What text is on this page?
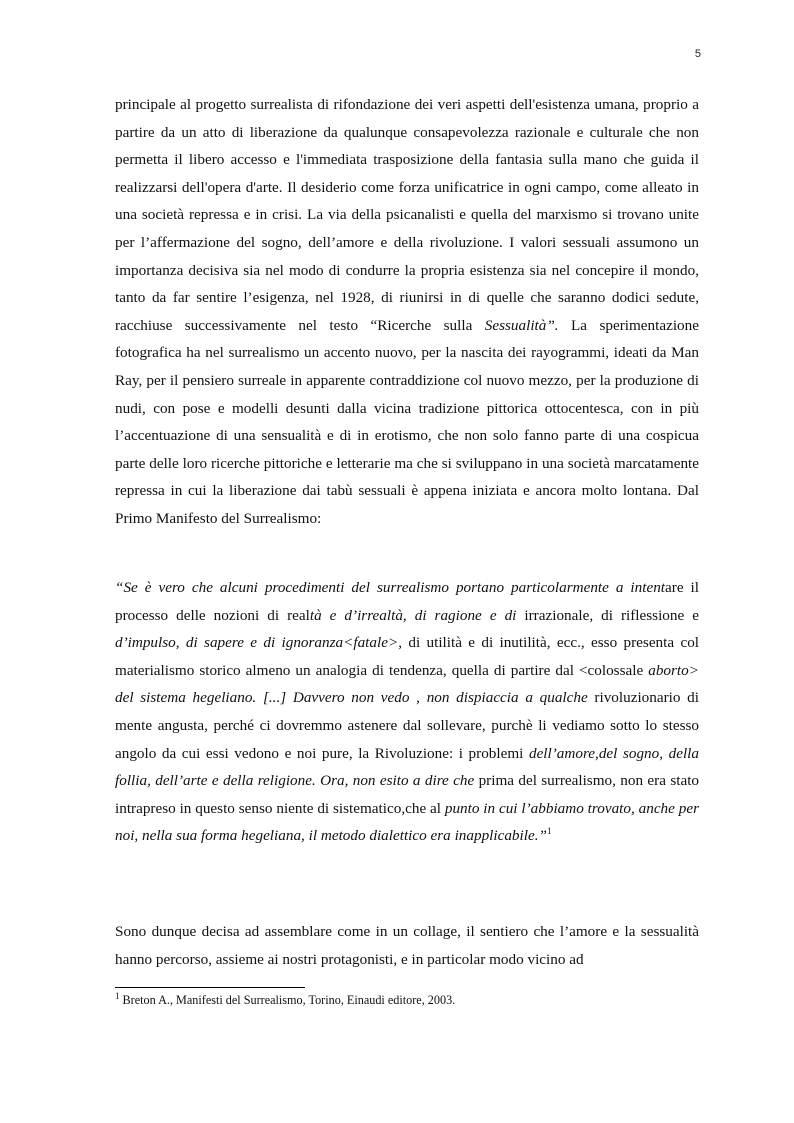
5

principale al progetto surrealista di rifondazione dei veri aspetti dell'esistenza umana, proprio a partire da un atto di liberazione da qualunque consapevolezza razionale e culturale che non permetta il libero accesso e l'immediata trasposizione della fantasia sulla mano che guida il realizzarsi dell'opera d'arte. Il desiderio come forza unificatrice in ogni campo, come alleato in una società repressa e in crisi. La via della psicanalisti e quella del marxismo si trovano unite per l’affermazione del sogno, dell’amore e della rivoluzione. I valori sessuali assumono un importanza decisiva sia nel modo di condurre la propria esistenza sia nel concepire il mondo, tanto da far sentire l’esigenza, nel 1928, di riunirsi in di quelle che saranno dodici sedute, racchiuse successivamente nel testo “Ricerche sulla Sessualità”. La sperimentazione fotografica ha nel surrealismo un accento nuovo, per la nascita dei rayogrammi, ideati da Man Ray, per il pensiero surreale in apparente contraddizione col nuovo mezzo, per la produzione di nudi, con pose e modelli desunti dalla vicina tradizione pittorica ottocentesca, con in più l’accentuazione di una sensualità e di in erotismo, che non solo fanno parte di una cospicua parte delle loro ricerche pittoriche e letterarie ma che si sviluppano in una società marcatamente repressa in cui la liberazione dai tabù sessuali è appena iniziata e ancora molto lontana. Dal Primo Manifesto del Surrealismo:

“Se è vero che alcuni procedimenti del surrealismo portano particolarmente a intentare il processo delle nozioni di realtà e d’irrealtà, di ragione e di irrazionale, di riflessione e d’impulso, di sapere e di ignoranza<fatale>, di utilità e di inutilità, ecc., esso presenta col materialismo storico almeno un analogia di tendenza, quella di partire dal <colossale aborto> del sistema hegeliano. [...] Davvero non vedo , non dispiaccia a qualche rivoluzionario di mente angusta, perché ci dovremmo astenere dal sollevare, purchè li vediamo sotto lo stesso angolo da cui essi vedono e noi pure, la Rivoluzione: i problemi dell’amore,del sogno, della follia, dell’arte e della religione. Ora, non esito a dire che prima del surrealismo, non era stato intrapreso in questo senso niente di sistematico,che al punto in cui l’abbiamo trovato, anche per noi, nella sua forma hegeliana, il metodo dialettico era inapplicabile.”$^1$

Sono dunque decisa ad assemblare come in un collage, il sentiero che l’amore e la sessualità hanno percorso, assieme ai nostri protagonisti, e in particolar modo vicino ad

$^1$ Breton A., Manifesti del Surrealismo, Torino, Einaudi editore, 2003.
